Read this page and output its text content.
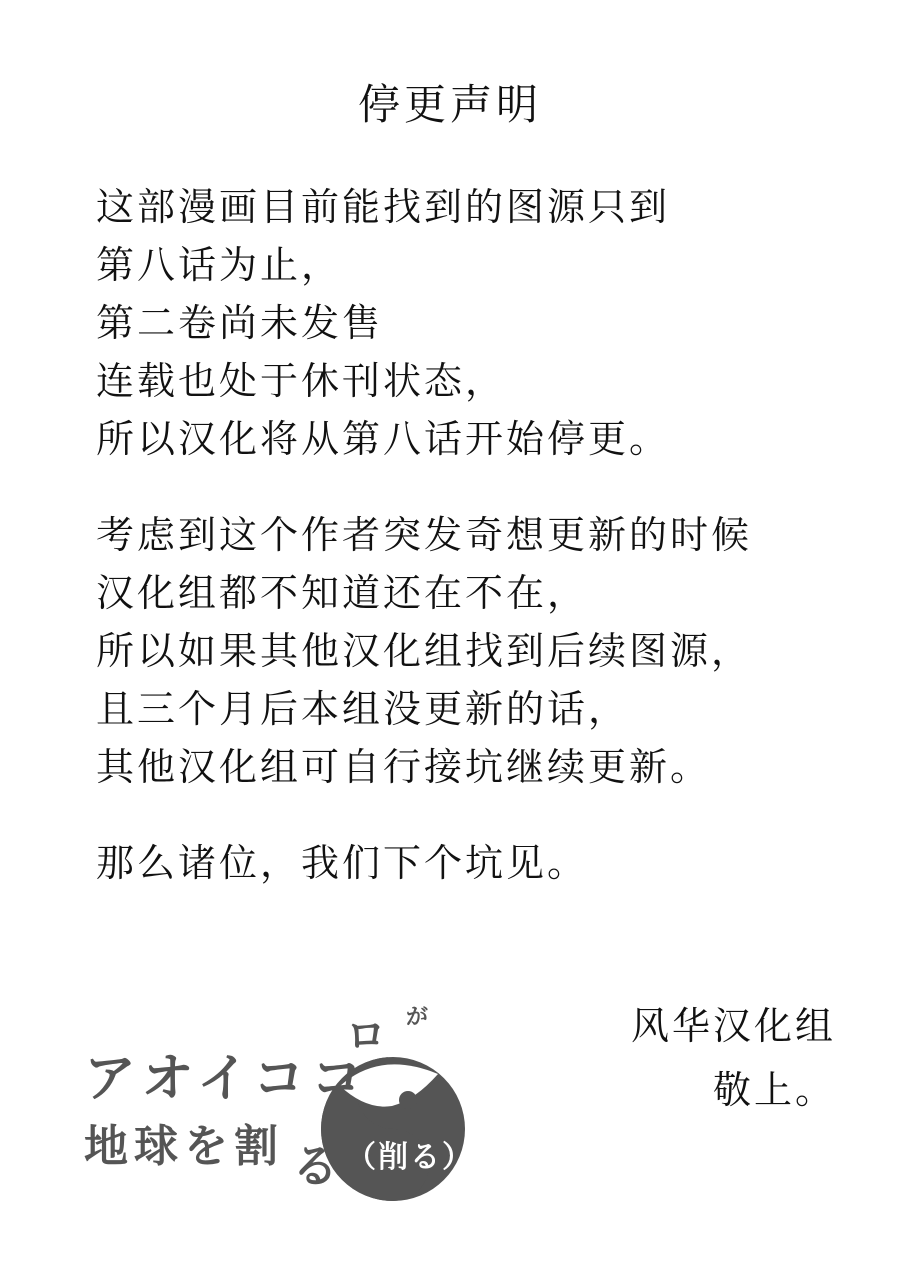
停更声明
这部漫画目前能找到的图源只到
第八话为止，
第二卷尚未发售
连载也处于休刊状态，
所以汉化将从第八话开始停更。
考虑到这个作者突发奇想更新的时候
汉化组都不知道还在不在，
所以如果其他汉化组找到后续图源，
且三个月后本组没更新的话，
其他汉化组可自行接坑继续更新。
那么诸位，我们下个坑见。
アオイココ
ロ が
地球を割 る （削る）
风华汉化组
敬上。
